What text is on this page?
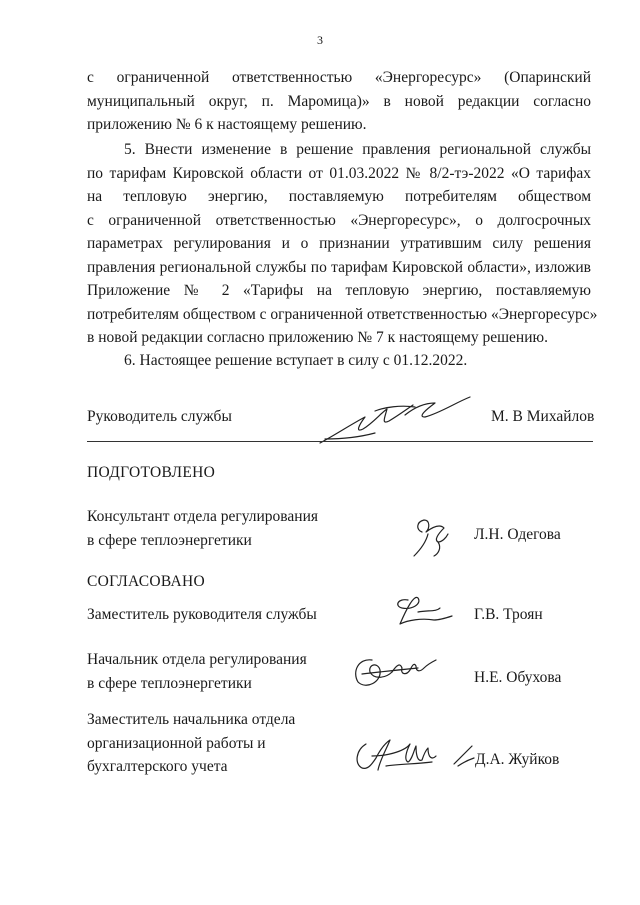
3
с ограниченной ответственностью «Энергоресурс» (Опаринский
муниципальный округ, п. Маромица)» в новой редакции согласно
приложению № 6 к настоящему решению.
5. Внести изменение в решение правления региональной службы
по тарифам Кировской области от 01.03.2022 № 8/2-тэ-2022 «О тарифах
на тепловую энергию, поставляемую потребителям обществом
с ограниченной ответственностью «Энергоресурс», о долгосрочных
параметрах регулирования и о признании утратившим силу решения
правления региональной службы по тарифам Кировской области», изложив
Приложение № 2 «Тарифы на тепловую энергию, поставляемую
потребителям обществом с ограниченной ответственностью «Энергоресурс»
в новой редакции согласно приложению № 7 к настоящему решению.
6. Настоящее решение вступает в силу с 01.12.2022.
Руководитель службы	М. В Михайлов
ПОДГОТОВЛЕНО
Консультант отдела регулирования
в сфере теплоэнергетики	Л.Н. Одегова
СОГЛАСОВАНО
Заместитель руководителя службы	Г.В. Троян
Начальник отдела регулирования
в сфере теплоэнергетики	Н.Е. Обухова
Заместитель начальника отдела
организационной работы и
бухгалтерского учета	Д.А. Жуйков
